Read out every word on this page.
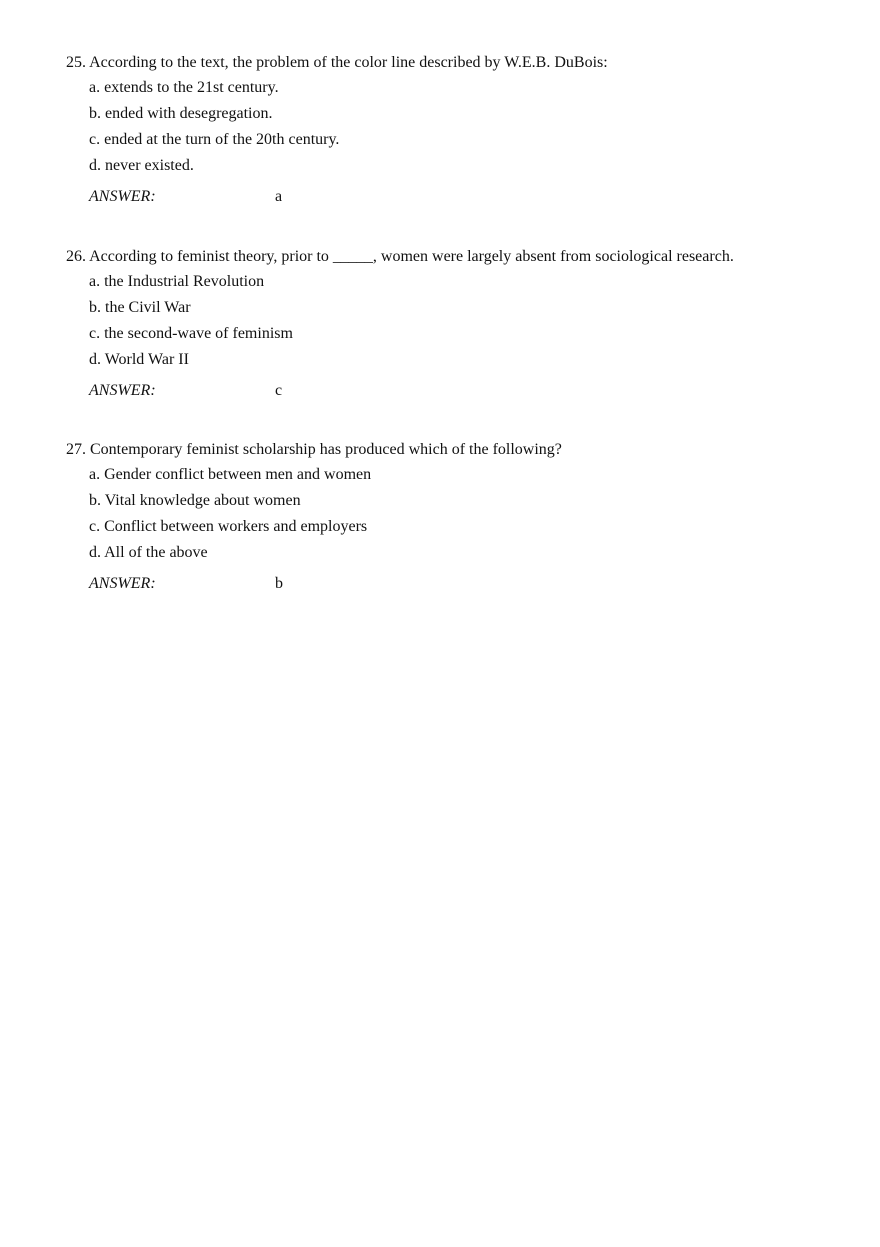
25. According to the text, the problem of the color line described by W.E.B. DuBois:

a. extends to the 21st century.

b. ended with desegregation.

c. ended at the turn of the 20th century.

d. never existed.

ANSWER:	a

26. According to feminist theory, prior to _____, women were largely absent from sociological research.

a. the Industrial Revolution

b. the Civil War

c. the second-wave of feminism

d. World War II

ANSWER:	c

27. Contemporary feminist scholarship has produced which of the following?

a. Gender conflict between men and women

b. Vital knowledge about women

c. Conflict between workers and employers

d. All of the above

ANSWER:	b
